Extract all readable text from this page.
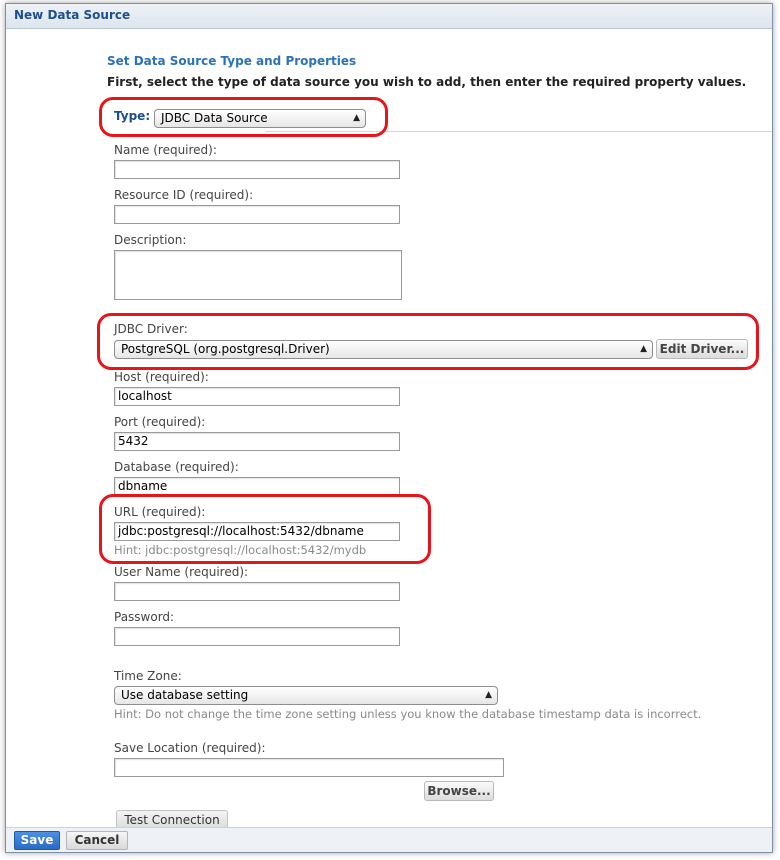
New Data Source
Set Data Source Type and Properties
First, select the type of data source you wish to add, then enter the required property values.
Type: JDBC Data Source	▲

Name (required):
Resource ID (required):
Description:
JDBC Driver:
PostgreSQL (org.postgresql.Driver)	▲	Edit Driver...
Host (required):
localhost
Port (required):
5432
Database (required):
dbname
URL (required):
jdbc:postgresql://localhost:5432/dbname
Hint: jdbc:postgresql://localhost:5432/mydb
User Name (required):
Password:
Time Zone:
Use database setting	▲

Hint: Do not change the time zone setting unless you know the database timestamp data is incorrect.
Save Location (required):
Browse...
Test Connection
Save	Cancel
